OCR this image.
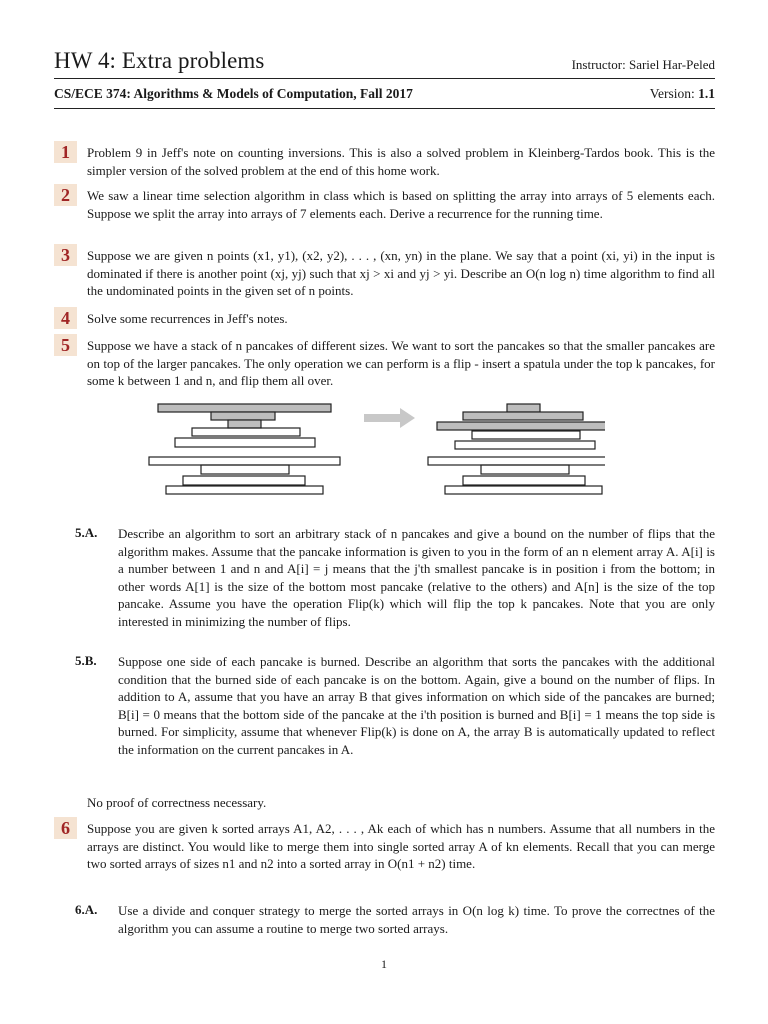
HW 4: Extra problems	Instructor: Sariel Har-Peled
CS/ECE 374: Algorithms & Models of Computation, Fall 2017	Version: 1.1
1	Problem 9 in Jeff's note on counting inversions. This is also a solved problem in Kleinberg-Tardos book. This is the simpler version of the solved problem at the end of this home work.
2	We saw a linear time selection algorithm in class which is based on splitting the array into arrays of 5 elements each. Suppose we split the array into arrays of 7 elements each. Derive a recurrence for the running time.
3	Suppose we are given n points (x1, y1), (x2, y2), . . . , (xn, yn) in the plane. We say that a point (xi, yi) in the input is dominated if there is another point (xj, yj) such that xj > xi and yj > yi. Describe an O(n log n) time algorithm to find all the undominated points in the given set of n points.
4	Solve some recurrences in Jeff's notes.
5	Suppose we have a stack of n pancakes of different sizes. We want to sort the pancakes so that the smaller pancakes are on top of the larger pancakes. The only operation we can perform is a flip - insert a spatula under the top k pancakes, for some k between 1 and n, and flip them all over.
5.A. Describe an algorithm to sort an arbitrary stack of n pancakes and give a bound on the number of flips that the algorithm makes. Assume that the pancake information is given to you in the form of an n element array A. A[i] is a number between 1 and n and A[i] = j means that the j'th smallest pancake is in position i from the bottom; in other words A[1] is the size of the bottom most pancake (relative to the others) and A[n] is the size of the top pancake. Assume you have the operation Flip(k) which will flip the top k pancakes. Note that you are only interested in minimizing the number of flips.
5.B. Suppose one side of each pancake is burned. Describe an algorithm that sorts the pancakes with the additional condition that the burned side of each pancake is on the bottom. Again, give a bound on the number of flips. In addition to A, assume that you have an array B that gives information on which side of the pancakes are burned; B[i] = 0 means that the bottom side of the pancake at the i'th position is burned and B[i] = 1 means the top side is burned. For simplicity, assume that whenever Flip(k) is done on A, the array B is automatically updated to reflect the information on the current pancakes in A.
No proof of correctness necessary.
6	Suppose you are given k sorted arrays A1, A2, . . . , Ak each of which has n numbers. Assume that all numbers in the arrays are distinct. You would like to merge them into single sorted array A of kn elements. Recall that you can merge two sorted arrays of sizes n1 and n2 into a sorted array in O(n1 + n2) time.
6.A. Use a divide and conquer strategy to merge the sorted arrays in O(n log k) time. To prove the correctnes of the algorithm you can assume a routine to merge two sorted arrays.
1
